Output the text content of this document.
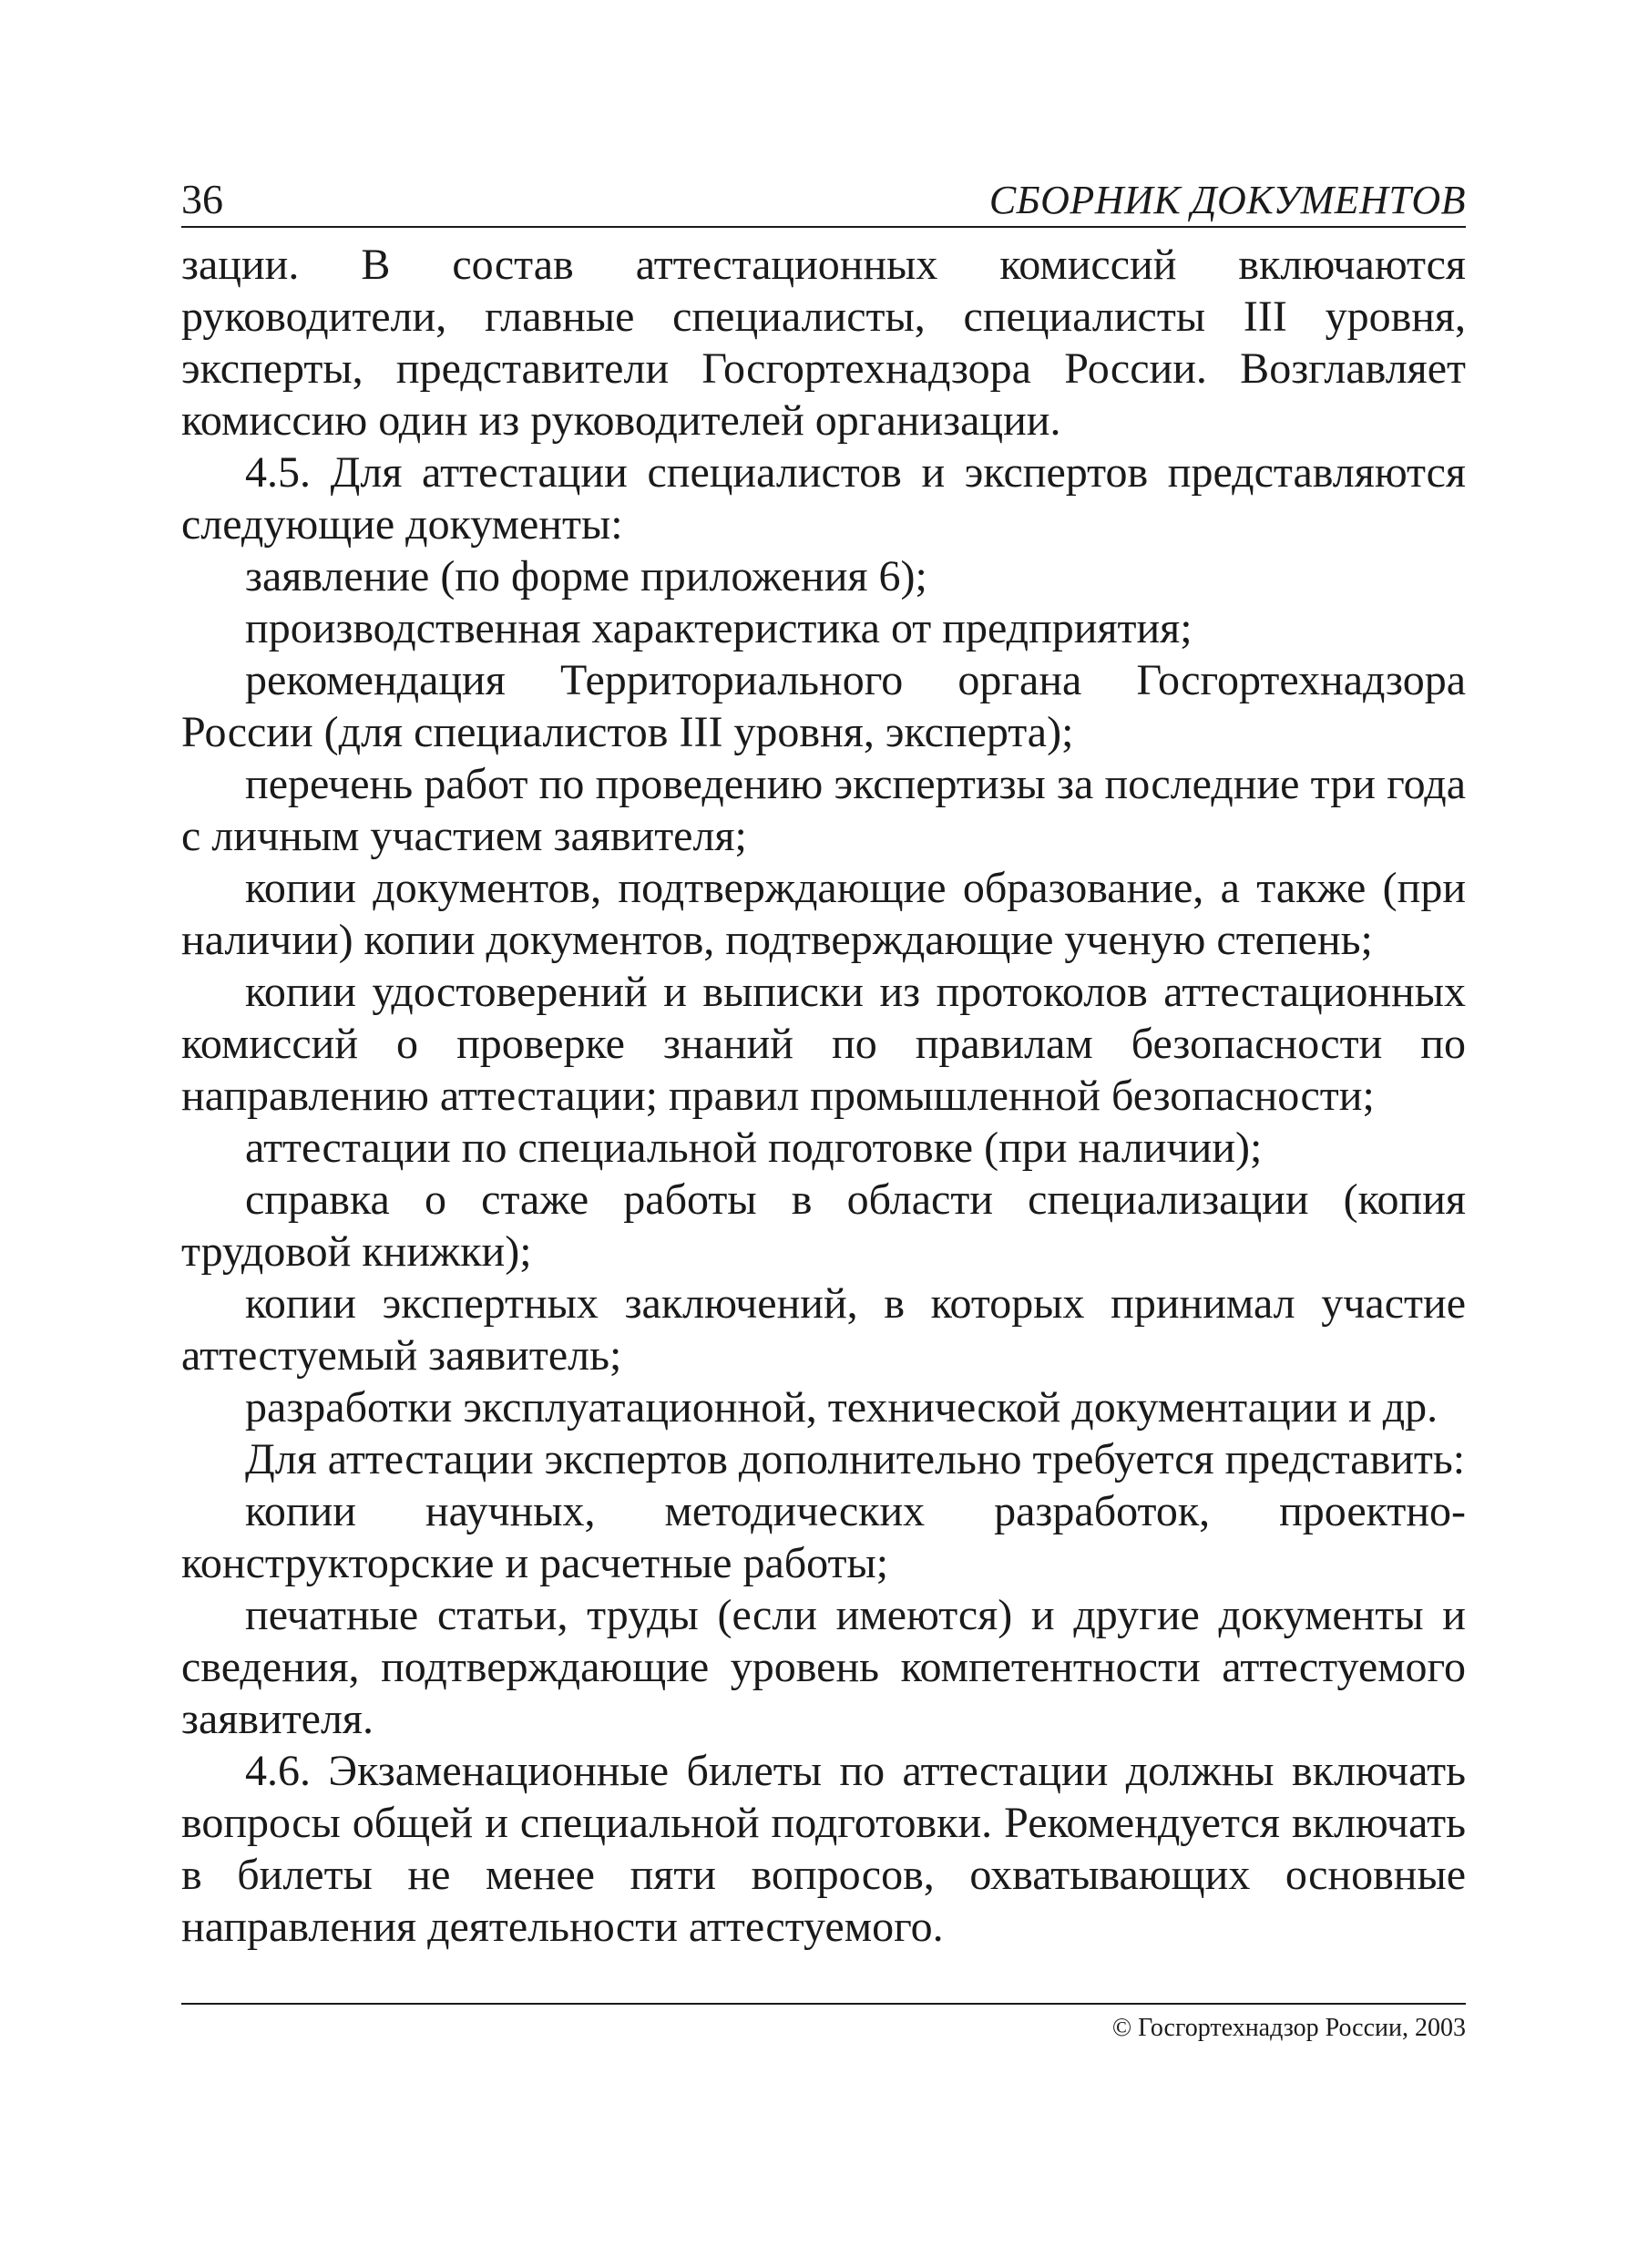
36	СБОРНИК ДОКУМЕНТОВ

зации. В состав аттестационных комиссий включаются руководители, главные специалисты, специалисты III уровня, эксперты, представители Госгортехнадзора России. Возглавляет комиссию один из руководителей организации.

4.5. Для аттестации специалистов и экспертов представляются следующие документы:

заявление (по форме приложения 6);

производственная характеристика от предприятия;

рекомендация Территориального органа Госгортехнадзора России (для специалистов III уровня, эксперта);

перечень работ по проведению экспертизы за последние три года с личным участием заявителя;

копии документов, подтверждающие образование, а также (при наличии) копии документов, подтверждающие ученую степень;

копии удостоверений и выписки из протоколов аттестационных комиссий о проверке знаний по правилам безопасности по направлению аттестации; правил промышленной безопасности;

аттестации по специальной подготовке (при наличии);

справка о стаже работы в области специализации (копия трудовой книжки);

копии экспертных заключений, в которых принимал участие аттестуемый заявитель;

разработки эксплуатационной, технической документации и др.

Для аттестации экспертов дополнительно требуется представить:

копии научных, методических разработок, проектно-конструкторские и расчетные работы;

печатные статьи, труды (если имеются) и другие документы и сведения, подтверждающие уровень компетентности аттестуемого заявителя.

4.6. Экзаменационные билеты по аттестации должны включать вопросы общей и специальной подготовки. Рекомендуется включать в билеты не менее пяти вопросов, охватывающих основные направления деятельности аттестуемого.

© Госгортехнадзор России, 2003
